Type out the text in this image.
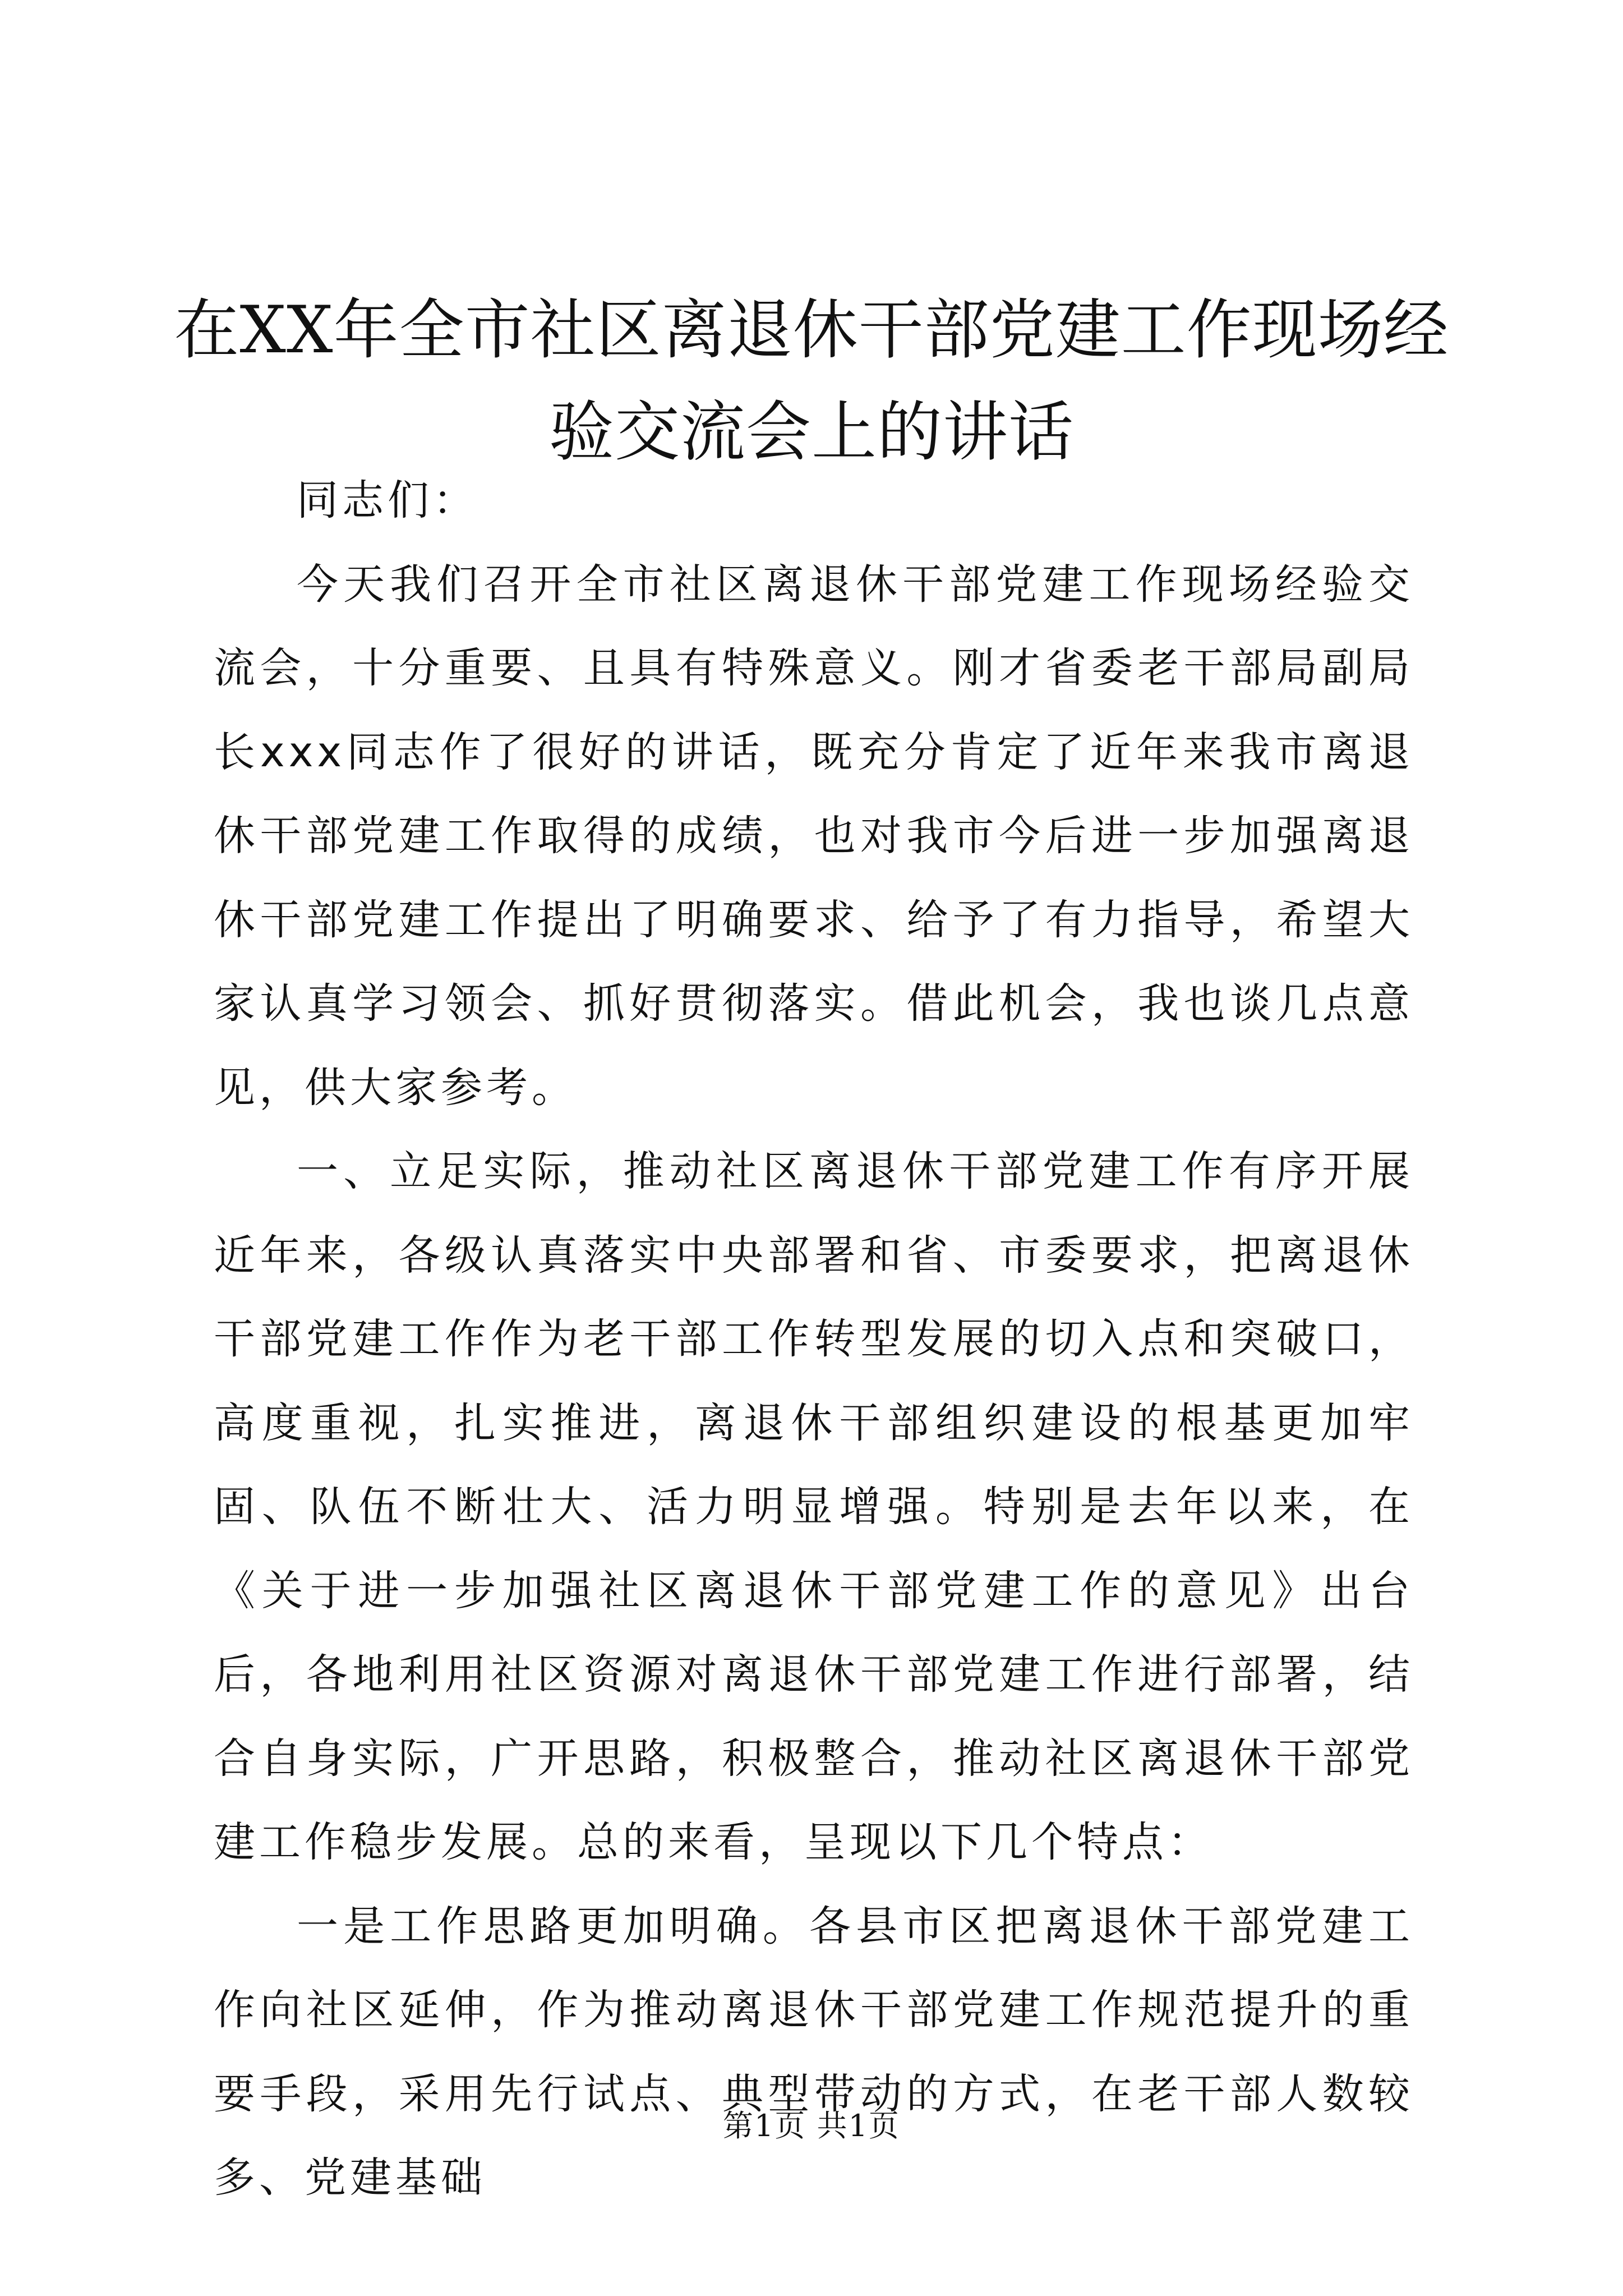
在XX年全市社区离退休干部党建工作现场经验交流会上的讲话

同志们：

今天我们召开全市社区离退休干部党建工作现场经验交流会，十分重要、且具有特殊意义。刚才省委老干部局副局长xxx同志作了很好的讲话，既充分肯定了近年来我市离退休干部党建工作取得的成绩，也对我市今后进一步加强离退休干部党建工作提出了明确要求、给予了有力指导，希望大家认真学习领会、抓好贯彻落实。借此机会，我也谈几点意见，供大家参考。

一、立足实际，推动社区离退休干部党建工作有序开展近年来，各级认真落实中央部署和省、市委要求，把离退休干部党建工作作为老干部工作转型发展的切入点和突破口，高度重视，扎实推进，离退休干部组织建设的根基更加牢固、队伍不断壮大、活力明显增强。特别是去年以来，在《关于进一步加强社区离退休干部党建工作的意见》出台后，各地利用社区资源对离退休干部党建工作进行部署，结合自身实际，广开思路，积极整合，推动社区离退休干部党建工作稳步发展。总的来看，呈现以下几个特点：

一是工作思路更加明确。各县市区把离退休干部党建工作向社区延伸，作为推动离退休干部党建工作规范提升的重要手段，采用先行试点、典型带动的方式，在老干部人数较多、党建基础

第1页 共1页
